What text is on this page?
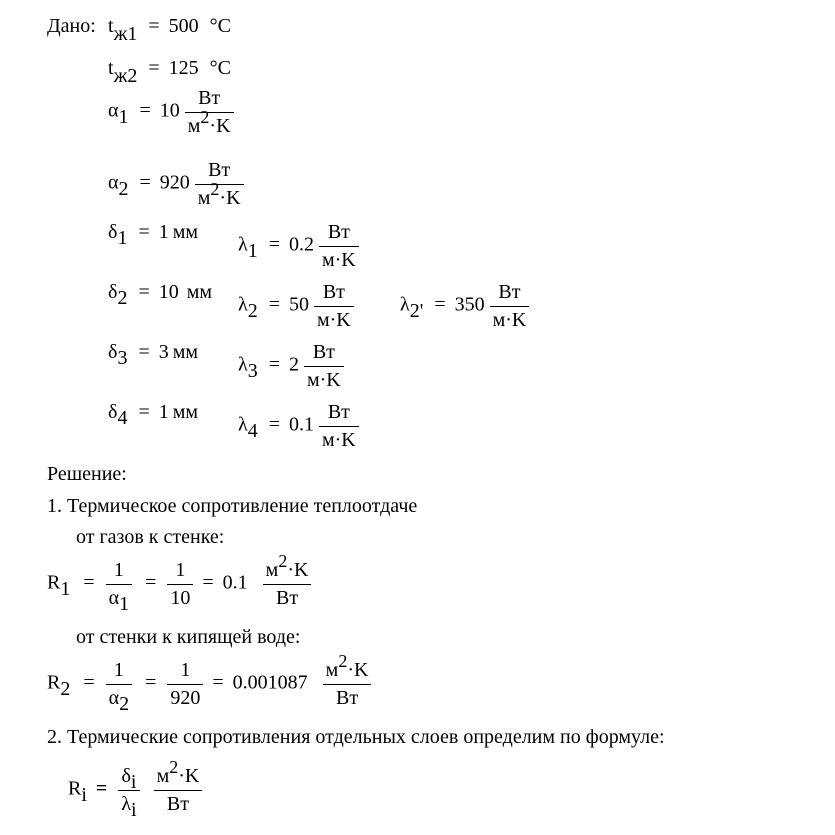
Дано: tж1 = 500 °C
tж2 = 125 °C
$\alpha 1 = 10 \frac{Вт}{м2\cdot K}$
$\alpha 2 = 920 \frac{Вт}{м2\cdot K}$
δ1 = 1 мм
$\lambda 1 = 0.2 \frac{Вт}{м\cdot K}$
δ2 = 10 мм
$\lambda 2 = 50 \frac{Вт}{м\cdot K} \lambda 2' = 350 \frac{Вт}{м\cdot K}$
δ3 = 3 мм
$\lambda 3 = 2 \frac{Вт}{м\cdot K}$
δ4 = 1 мм
$\lambda 4 = 0.1 \frac{Вт}{м\cdot K}$
Решение:
1. Термическое сопротивление теплоотдаче
от газов к стенке:
$R1 = \frac{1}{\alpha 1} = \frac{1}{10} = 0.1 \frac{м2\cdot K}{Вт}$
от стенки к кипящей воде:
$R2 = \frac{1}{\alpha 2} = \frac{1}{920} = 0.001087 \frac{м2\cdot K}{Вт}$
2. Термические сопротивления отдельных слоев определим по формуле:
$Ri = \frac{\delta i}{\lambda i}$
$\frac{м2\cdot K}{Вт}$
